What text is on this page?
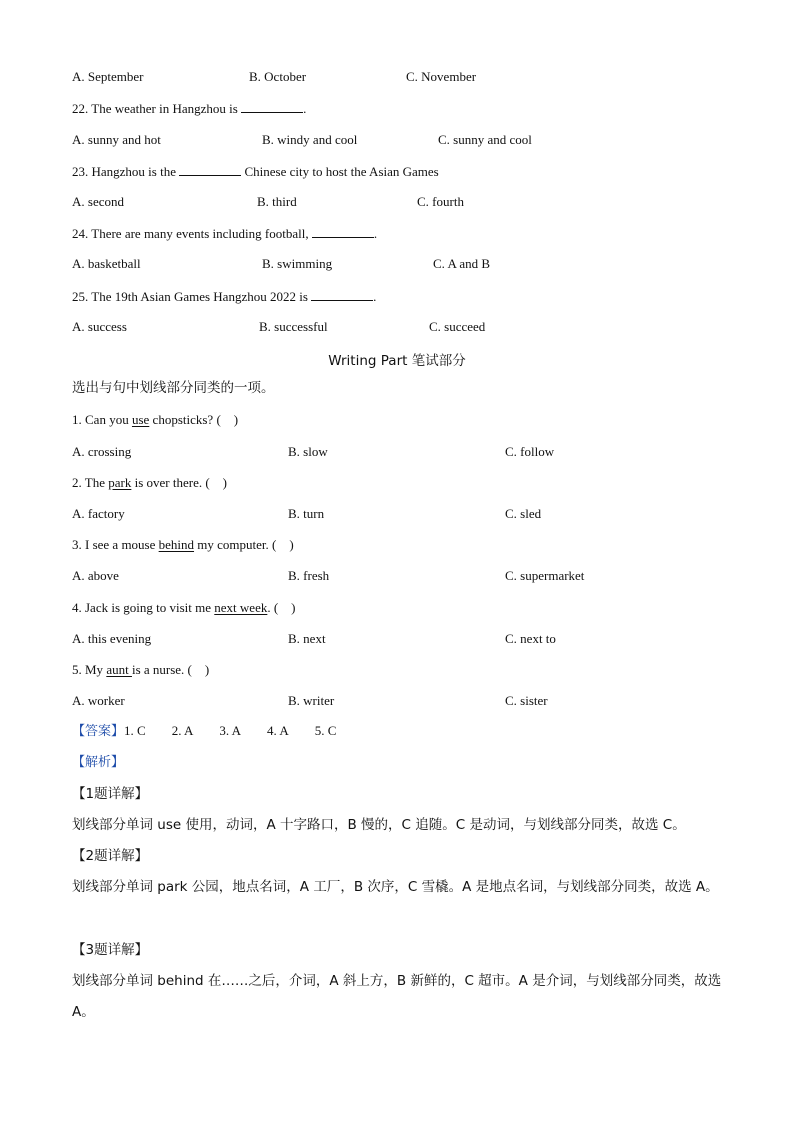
A. September	B. October	C. November
22. The weather in Hangzhou is	.
A. sunny and hot	B. windy and cool	C. sunny and cool
23. Hangzhou is the	Chinese city to host the Asian Games
A. second	B. third	C. fourth
24. There are many events including football,	.
A. basketball	B. swimming	C. A and B
25. The 19th Asian Games Hangzhou 2022 is	.
A. success	B. successful	C. succeed
Writing Part 笔试部分
选出与句中划线部分同类的一项。
1. Can you use chopsticks? (　)
A. crossing	B. slow	C. follow
2. The park is over there. (　)
A. factory	B. turn	C. sled
3. I see a mouse behind my computer. (　)
A. above	B. fresh	C. supermarket
4. Jack is going to visit me next week. (　)
A. this evening	B. next	C. next to
5. My aunt is a nurse. (　)
A. worker	B. writer	C. sister
【答案】1. C 2. A 3. A 4. A 5. C
【解析】
【1题详解】
划线部分单词 use 使用，动词，A 十字路口，B 慢的，C 追随。C 是动词，与划线部分同类，故选 C。
【2题详解】
划线部分单词 park 公园，地点名词，A 工厂，B 次序，C 雪橇。A 是地点名词，与划线部分同类，故选 A。
【3题详解】
划线部分单词 behind 在……之后，介词，A 斜上方，B 新鲜的，C 超市。A 是介词，与划线部分同类，故选 A。
